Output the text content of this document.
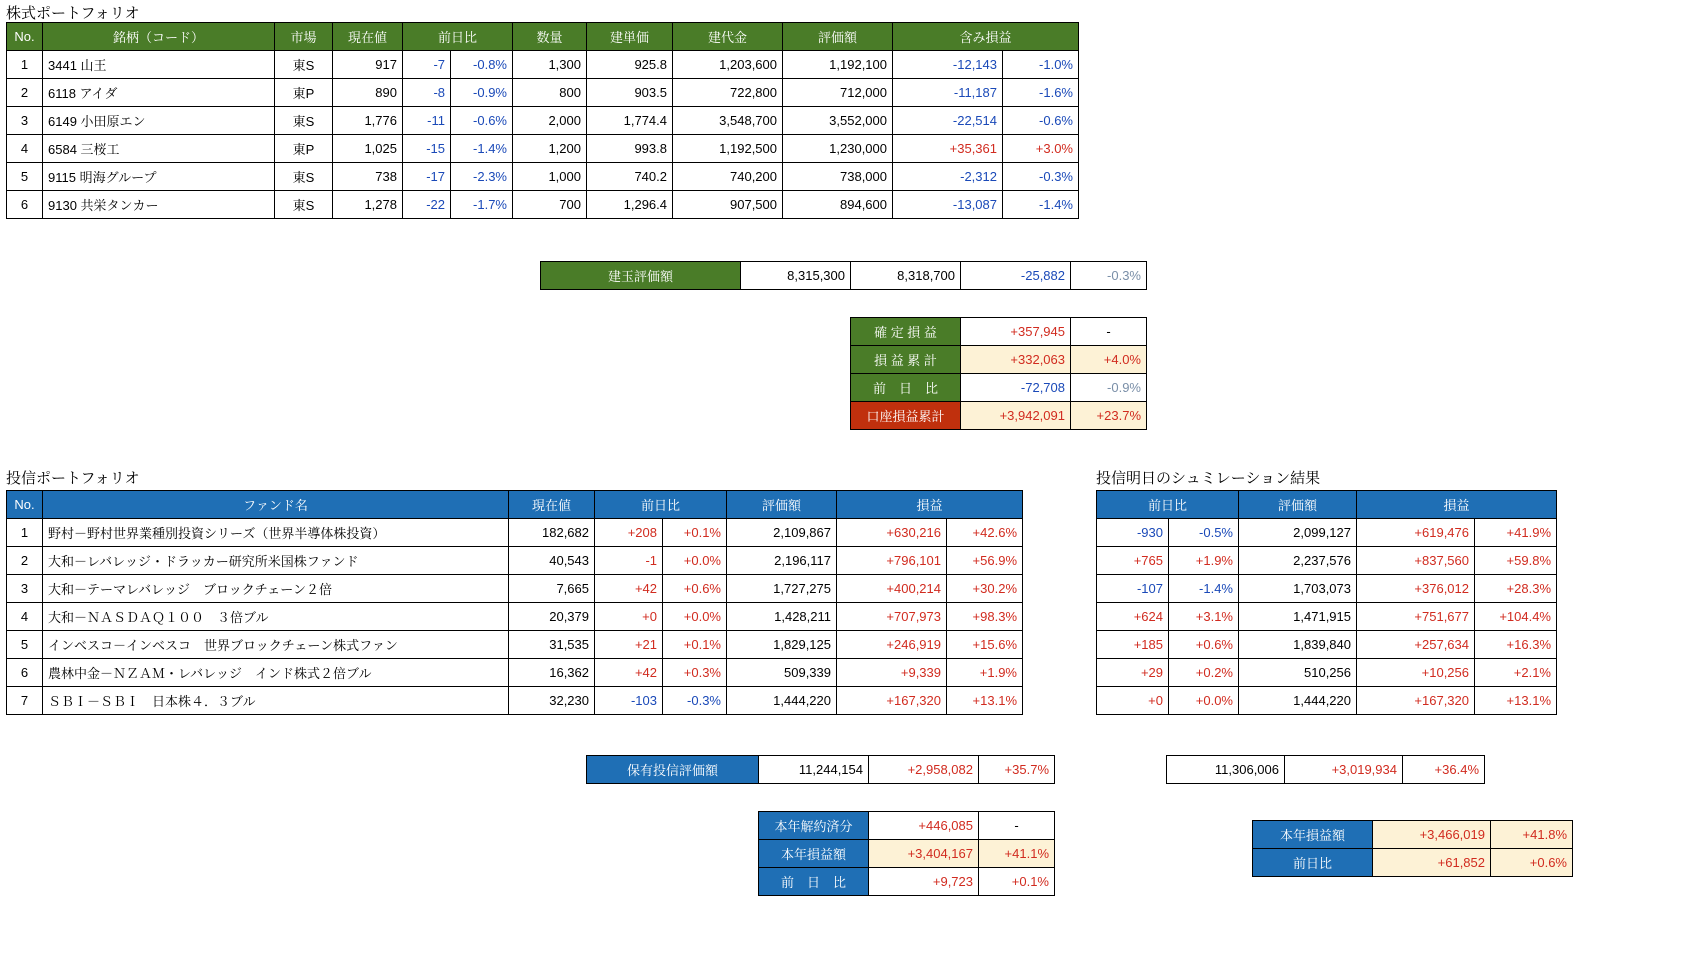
株式ポートフォリオ
No.	銘柄（コード）	市場	現在値	前日比		数量	建単価	建代金	評価額	含み損益	
1	3441 山王	東S	917	-7	-0.8%	1,300	925.8	1,203,600	1,192,100	-12,143	-1.0%
2	6118 アイダ	東P	890	-8	-0.9%	800	903.5	722,800	712,000	-11,187	-1.6%
3	6149 小田原エン	東S	1,776	-11	-0.6%	2,000	1,774.4	3,548,700	3,552,000	-22,514	-0.6%
4	6584 三桜工	東P	1,025	-15	-1.4%	1,200	993.8	1,192,500	1,230,000	+35,361	+3.0%
5	9115 明海グループ	東S	738	-17	-2.3%	1,000	740.2	740,200	738,000	-2,312	-0.3%
6	9130 共栄タンカー	東S	1,278	-22	-1.7%	700	1,296.4	907,500	894,600	-13,087	-1.4%
建玉評価額	8,315,300	8,318,700	-25,882	-0.3%

		確 定 損 益	+357,945	-
		損 益 累 計	+332,063	+4.0%
		前　日　比	-72,708	-0.9%
		口座損益累計	+3,942,091	+23.7%
投信ポートフォリオ	投信明日のシュミレーション結果
No.	ファンド名	現在値	前日比		評価額	損益	
1	野村－野村世界業種別投資シリーズ（世界半導体株投資）	182,682	+208	+0.1%	2,109,867	+630,216	+42.6%
2	大和－レバレッジ・ドラッカー研究所米国株ファンド	40,543	-1	+0.0%	2,196,117	+796,101	+56.9%
3	大和－テーマレバレッジ　ブロックチェーン２倍	7,665	+42	+0.6%	1,727,275	+400,214	+30.2%
4	大和－ＮＡＳＤＡＱ１００　３倍ブル	20,379	+0	+0.0%	1,428,211	+707,973	+98.3%
5	インベスコ－インベスコ　世界ブロックチェーン株式ファン	31,535	+21	+0.1%	1,829,125	+246,919	+15.6%
6	農林中金－ＮＺＡＭ・レバレッジ　インド株式２倍ブル	16,362	+42	+0.3%	509,339	+9,339	+1.9%
7	ＳＢＩ－ＳＢＩ　日本株４．３ブル	32,230	-103	-0.3%	1,444,220	+167,320	+13.1%
前日比		評価額	損益	
-930	-0.5%	2,099,127	+619,476	+41.9%
+765	+1.9%	2,237,576	+837,560	+59.8%
-107	-1.4%	1,703,073	+376,012	+28.3%
+624	+3.1%	1,471,915	+751,677	+104.4%
+185	+0.6%	1,839,840	+257,634	+16.3%
+29	+0.2%	510,256	+10,256	+2.1%
+0	+0.0%	1,444,220	+167,320	+13.1%
保有投信評価額	11,244,154	+2,958,082	+35.7%

	本年解約済分	+446,085	-
	本年損益額	+3,404,167	+41.1%
	前　日　比	+9,723	+0.1%
11,306,006	+3,019,934	+36.4%
本年損益額	+3,466,019	+41.8%
前日比	+61,852	+0.6%
